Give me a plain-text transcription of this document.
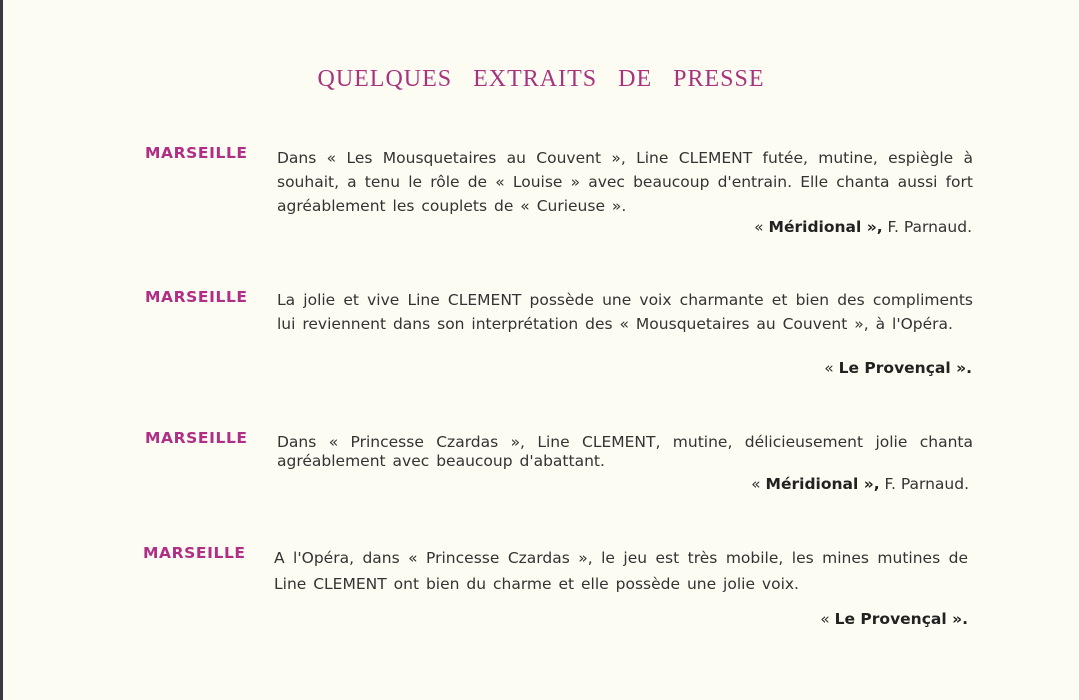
QUELQUES EXTRAITS DE PRESSE
MARSEILLE Dans « Les Mousquetaires au Couvent », Line CLEMENT futée, mutine, espiègle à souhait, a tenu le rôle de « Louise » avec beaucoup d'entrain. Elle chanta aussi fort agréablement les couplets de « Curieuse ».
« Méridional », F. Parnaud.
MARSEILLE La jolie et vive Line CLEMENT possède une voix charmante et bien des compliments lui reviennent dans son interprétation des « Mousquetaires au Couvent », à l'Opéra.
« Le Provençal ».
MARSEILLE Dans « Princesse Czardas », Line CLEMENT, mutine, délicieusement jolie chanta agréablement avec beaucoup d'abattant.
« Méridional », F. Parnaud.
MARSEILLE A l'Opéra, dans « Princesse Czardas », le jeu est très mobile, les mines mutines de Line CLEMENT ont bien du charme et elle possède une jolie voix.
« Le Provençal ».
